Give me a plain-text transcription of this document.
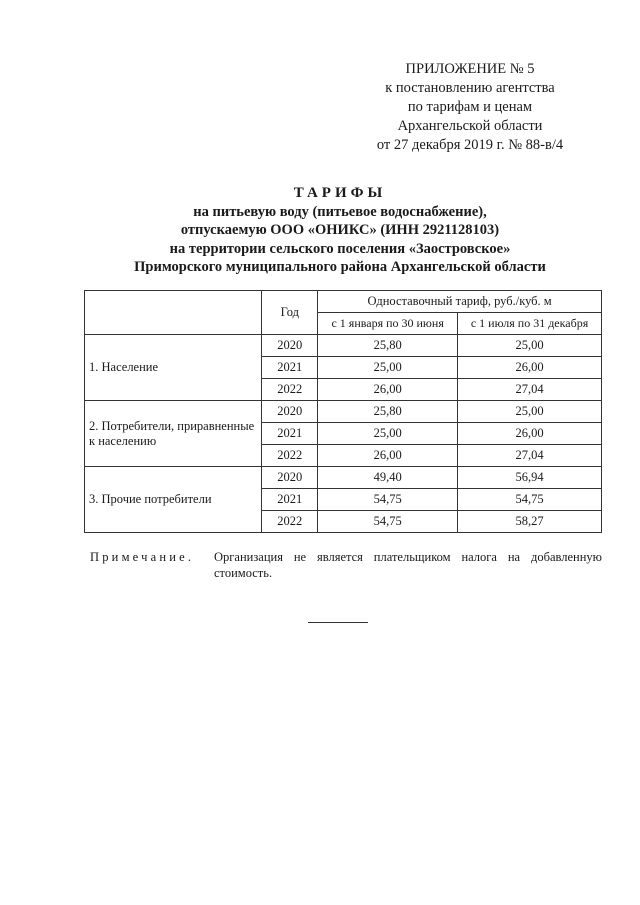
ПРИЛОЖЕНИЕ № 5
к постановлению агентства
по тарифам и ценам
Архангельской области
от 27 декабря 2019 г. № 88-в/4
ТАРИФЫ
на питьевую воду (питьевое водоснабжение),
отпускаемую ООО «ОНИКС» (ИНН 2921128103)
на территории сельского поселения «Заостровское»
Приморского муниципального района Архангельской области
	Год	Одноставочный тариф, руб./куб. м	
		с 1 января по 30 июня	с 1 июля по 31 декабря
1. Население	2020	25,80	25,00
	2021	25,00	26,00
	2022	26,00	27,04
2. Потребители, приравненные к населению	2020	25,80	25,00
	2021	25,00	26,00
	2022	26,00	27,04
3. Прочие потребители	2020	49,40	56,94
	2021	54,75	54,75
	2022	54,75	58,27
Примечание.	Организация не является плательщиком налога на добавленную стоимость.
